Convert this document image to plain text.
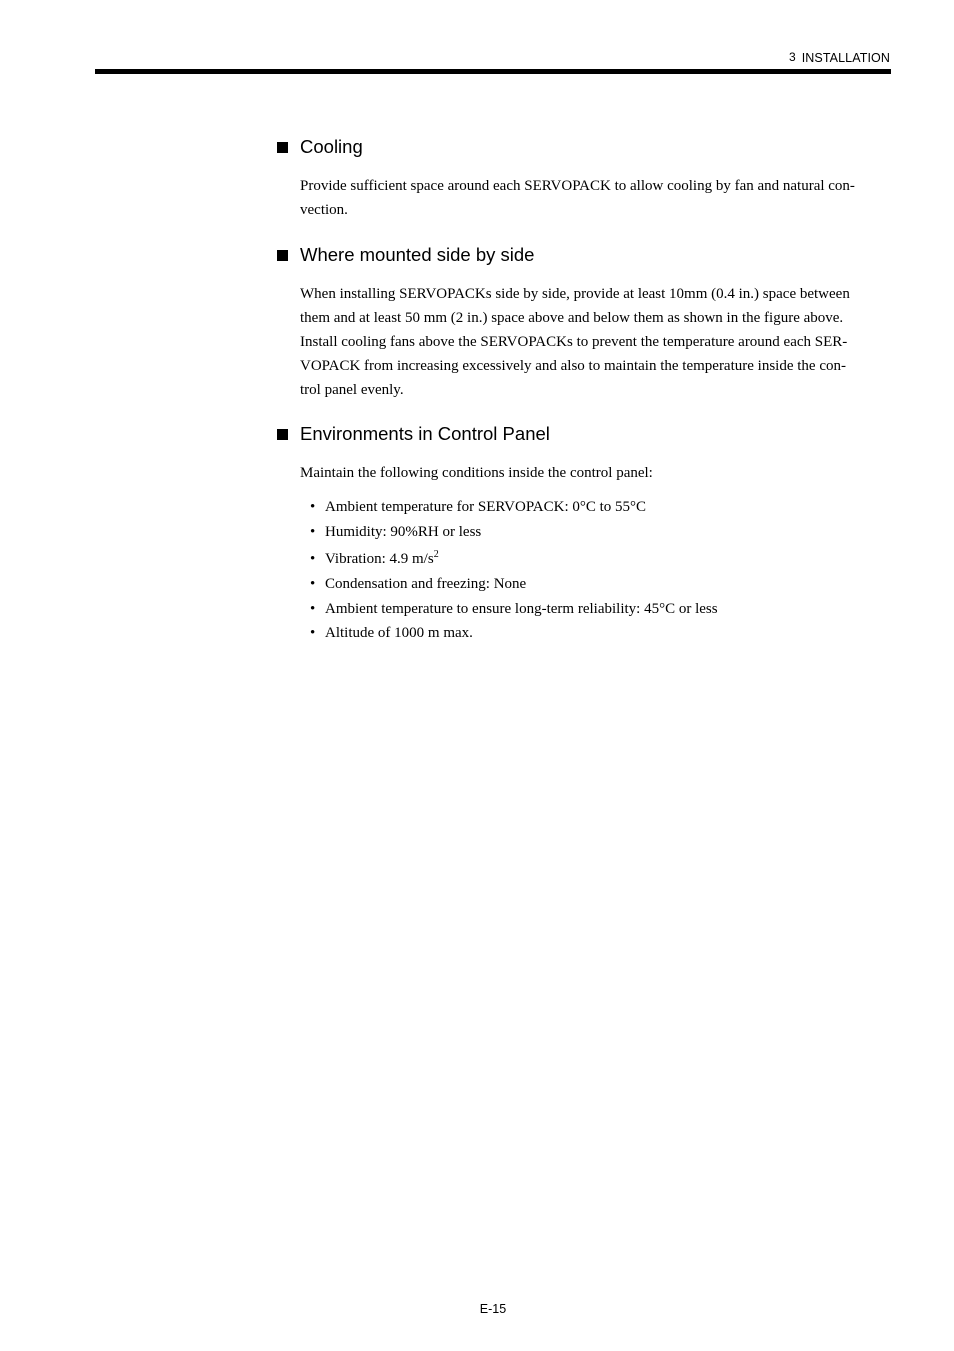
3 INSTALLATION
Cooling
Provide sufficient space around each SERVOPACK to allow cooling by fan and natural con-
vection.
Where mounted side by side
When installing SERVOPACKs side by side, provide at least 10mm (0.4 in.) space between
them and at least 50 mm (2 in.) space above and below them as shown in the figure above.
Install cooling fans above the SERVOPACKs to prevent the temperature around each SER-
VOPACK from increasing excessively and also to maintain the temperature inside the con-
trol panel evenly.
Environments in Control Panel
Maintain the following conditions inside the control panel:
• Ambient temperature for SERVOPACK: 0°C to 55°C
• Humidity: 90%RH or less
• Vibration: 4.9 $m/s^2$
• Condensation and freezing: None
• Ambient temperature to ensure long-term reliability: 45°C or less
• Altitude of 1000 m max.
E-15
